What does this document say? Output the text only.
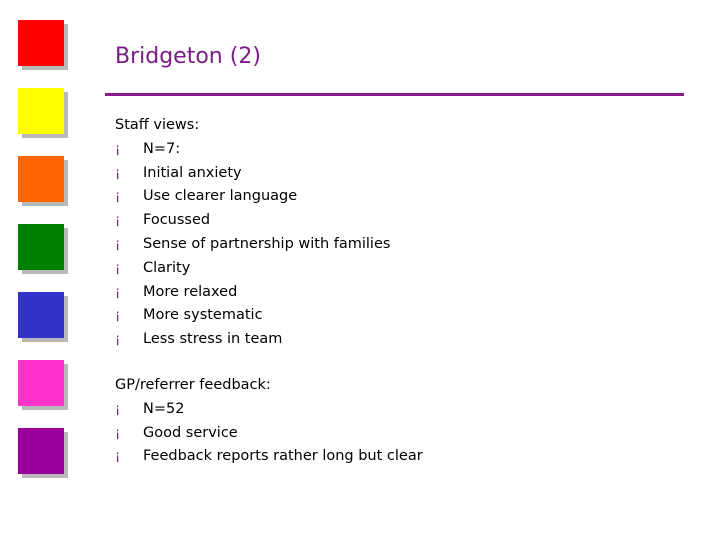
Bridgeton (2)
Staff views:
¡ N=7:
¡ Initial anxiety
¡ Use clearer language
¡ Focussed
¡ Sense of partnership with families
¡ Clarity
¡ More relaxed
¡ More systematic
¡ Less stress in team
GP/referrer feedback:
¡ N=52
¡ Good service
¡ Feedback reports rather long but clear
